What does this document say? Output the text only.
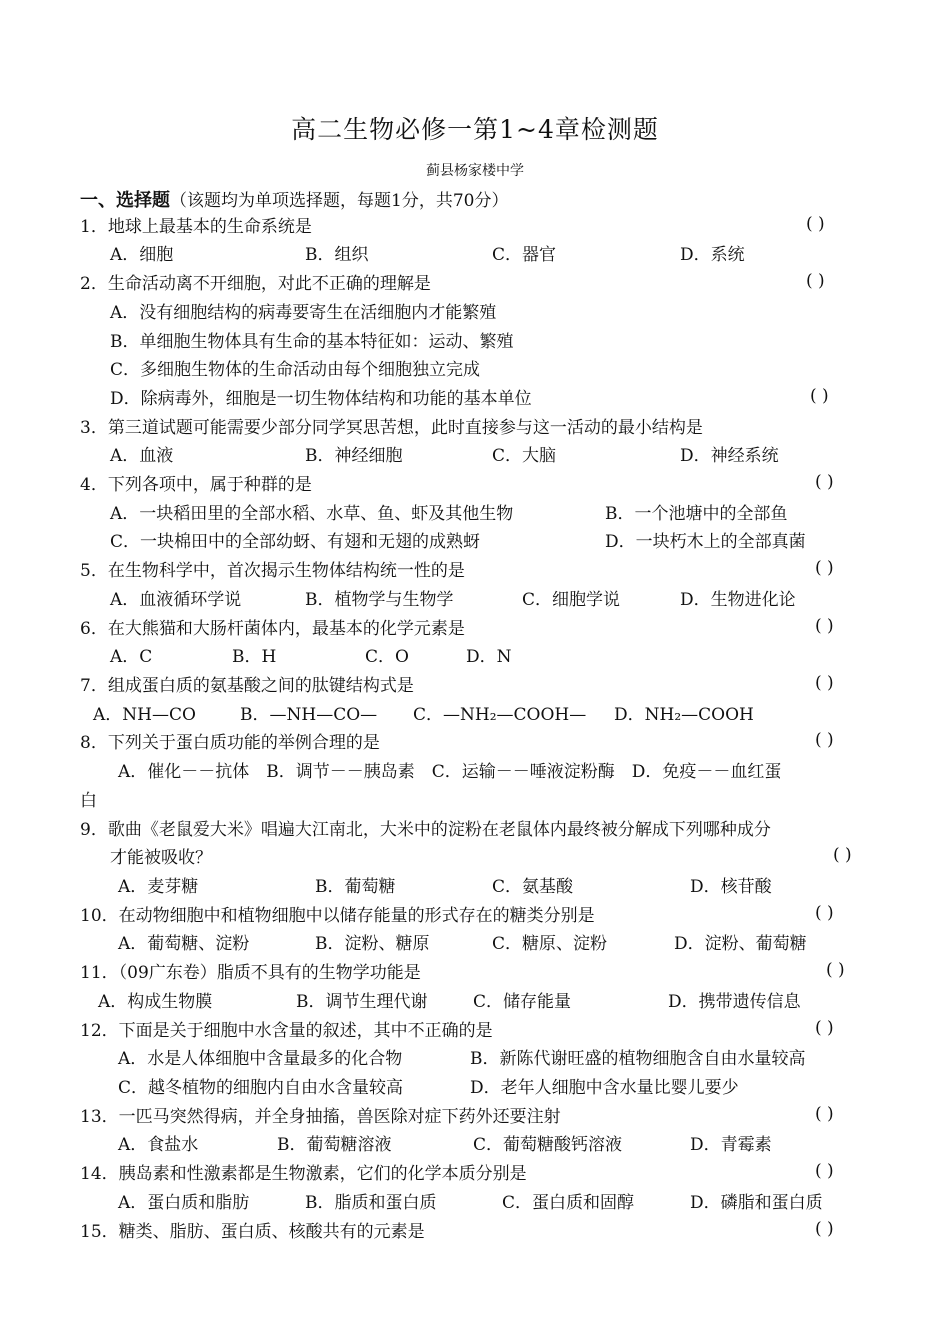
高二生物必修一第1~4章检测题
蓟县杨家楼中学
一、选择题（该题均为单项选择题，每题1分，共70分）
1．地球上最基本的生命系统是	( )
A．细胞	B．组织	C．器官	D．系统
2．生命活动离不开细胞，对此不正确的理解是	( )
A．没有细胞结构的病毒要寄生在活细胞内才能繁殖
B．单细胞生物体具有生命的基本特征如：运动、繁殖
C．多细胞生物体的生命活动由每个细胞独立完成
D．除病毒外，细胞是一切生物体结构和功能的基本单位	( )
3．第三道试题可能需要少部分同学冥思苦想，此时直接参与这一活动的最小结构是
A．血液	B．神经细胞	C．大脑	D．神经系统
4．下列各项中，属于种群的是	( )
A．一块稻田里的全部水稻、水草、鱼、虾及其他生物	B．一个池塘中的全部鱼
C．一块棉田中的全部幼蚜、有翅和无翅的成熟蚜	D．一块朽木上的全部真菌
5．在生物科学中，首次揭示生物体结构统一性的是	( )
A．血液循环学说	B．植物学与生物学	C．细胞学说	D．生物进化论
6．在大熊猫和大肠杆菌体内，最基本的化学元素是	( )
A．C	B．H	C．O	D．N
7．组成蛋白质的氨基酸之间的肽键结构式是	( )
A．NH—CO	B．—NH—CO— C．—NH₂—COOH— D．NH₂—COOH
8．下列关于蛋白质功能的举例合理的是	( )
A．催化－－抗体　B．调节－－胰岛素　C．运输－－唾液淀粉酶　D．免疫－－血红蛋
白
9．歌曲《老鼠爱大米》唱遍大江南北，大米中的淀粉在老鼠体内最终被分解成下列哪种成分
才能被吸收？	( )
A．麦芽糖	B．葡萄糖	C．氨基酸	D．核苷酸
10．在动物细胞中和植物细胞中以储存能量的形式存在的糖类分别是	( )
A．葡萄糖、淀粉	B．淀粉、糖原	C．糖原、淀粉	D．淀粉、葡萄糖
11．（09广东卷）脂质不具有的生物学功能是	( )
A．构成生物膜	B．调节生理代谢	C．储存能量	D．携带遗传信息
12．下面是关于细胞中水含量的叙述，其中不正确的是	( )
A．水是人体细胞中含量最多的化合物	B．新陈代谢旺盛的植物细胞含自由水量较高
C．越冬植物的细胞内自由水含量较高	D．老年人细胞中含水量比婴儿要少
13．一匹马突然得病，并全身抽搐，兽医除对症下药外还要注射	( )
A．食盐水	B．葡萄糖溶液	C．葡萄糖酸钙溶液	D．青霉素
14．胰岛素和性激素都是生物激素，它们的化学本质分别是	( )
A．蛋白质和脂肪	B．脂质和蛋白质	C．蛋白质和固醇	D．磷脂和蛋白质
15．糖类、脂肪、蛋白质、核酸共有的元素是	( )
